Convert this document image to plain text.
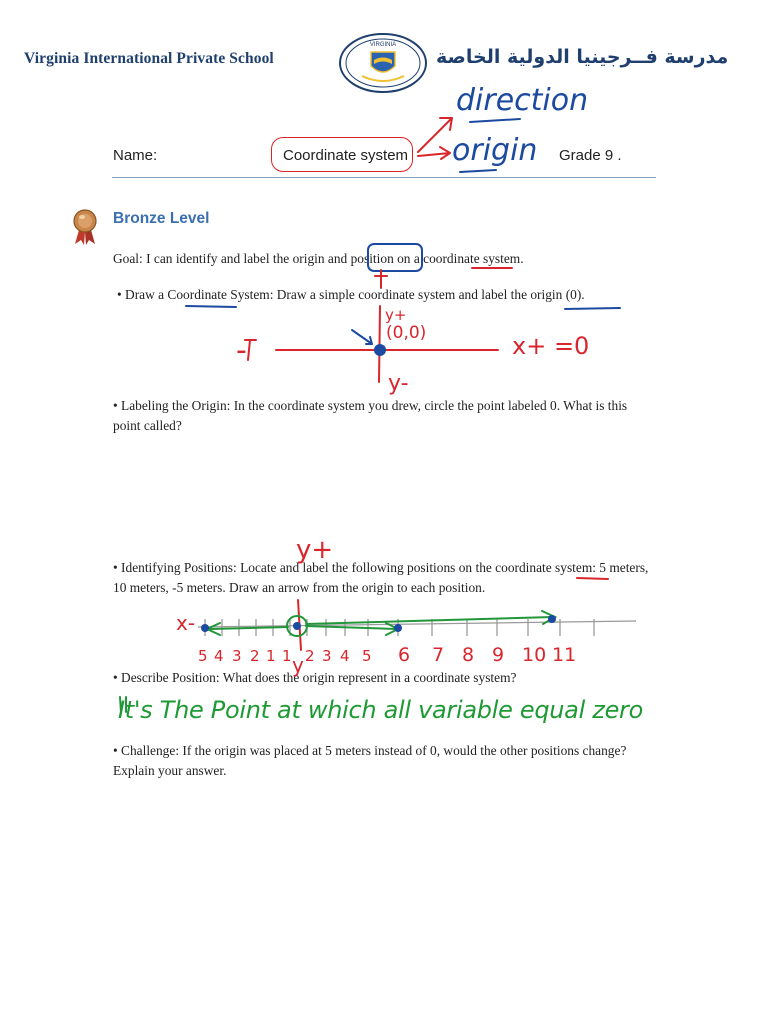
Virginia International Private School
VIRGINIA
مدرسة فــرجينيا الدولية الخاصة
Name:	Coordinate system	Grade 9 .
Bronze Level
Goal: I can identify and label the origin and position on a coordinate system.
• Draw a Coordinate System: Draw a simple coordinate system and label the origin (0).
• Labeling the Origin: In the coordinate system you drew, circle the point labeled 0. What is this point called?
• Identifying Positions: Locate and label the following positions on the coordinate system: 5 meters, 10 meters, -5 meters. Draw an arrow from the origin to each position.
• Describe Position: What does the origin represent in a coordinate system?
• Challenge: If the origin was placed at 5 meters instead of 0, would the other positions change? Explain your answer.
It's The Point at which all variable equal zero
direction
origin
-
y+
y-
(0,0)	x+ =0
y+
5 4 3 2 1 1 2 3 4 5 6 7 8 9 10 11
x-
y
